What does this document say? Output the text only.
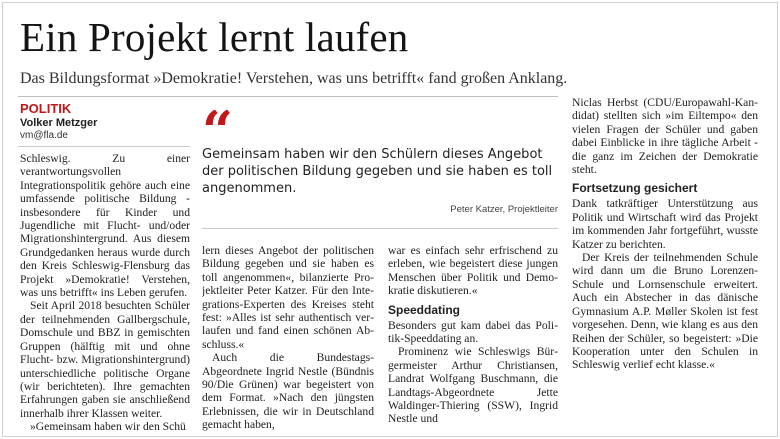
Ein Projekt lernt laufen
Das Bildungsformat »Demokratie! Verstehen, was uns betrifft« fand großen Anklang.
POLITIK
Volker Metzger
vm@fla.de

Schleswig. Zu einer verantwortungsvollen Integrationspolitik gehöre auch eine umfassende politische Bildung - insbesondere für Kinder und Jugendliche mit Flucht- und/oder Migrationshintergrund. Aus diesem Grundgedanken heraus wurde durch den Kreis Schleswig-Flensburg das Projekt »Demokratie! Verstehen, was uns betrifft« ins Leben gerufen.

Seit April 2018 besuchten Schüler der teilnehmenden Gallbergschule, Domschule und BBZ in gemischten Gruppen (hälftig mit und ohne Flucht- bzw. Migrationshintergrund) unterschiedliche politische Organe (wir berichteten). Ihre gemachten Erfahrungen gaben sie anschließend innerhalb ihrer Klassen weiter.

»Gemeinsam haben wir den Schü

“
Gemeinsam haben wir den Schülern dieses Angebot der politischen Bildung gegeben und sie haben es toll angenommen.
Peter Katzer, Projektleiter

lern dieses Angebot der politischen Bildung gegeben und sie haben es toll angenommen«, bilanzierte Projektleiter Peter Katzer. Für den Integrations-Experten des Kreises steht fest: »Alles ist sehr authentisch verlaufen und fand einen schönen Abschluss.«

Auch die Bundestags-Abgeordnete Ingrid Nestle (Bündnis 90/Die Grünen) war begeistert von dem Format. »Nach den jüngsten Erlebnissen, die wir in Deutschland gemacht haben,

war es einfach sehr erfrischend zu erleben, wie begeistert diese jungen Menschen über Politik und Demokratie diskutieren.«

Speeddating

Besonders gut kam dabei das Politik-Speeddating an.

Prominenz wie Schleswigs Bürgermeister Arthur Christiansen, Landrat Wolfgang Buschmann, die Landtags-Abgeordnete Jette Waldinger-Thiering (SSW), Ingrid Nestle und

Niclas Herbst (CDU/Europawahl-Kandidat) stellten sich »im Eiltempo« den vielen Fragen der Schüler und gaben dabei Einblicke in ihre tägliche Arbeit - die ganz im Zeichen der Demokratie steht.

Fortsetzung gesichert

Dank tatkräftiger Unterstützung aus Politik und Wirtschaft wird das Projekt im kommenden Jahr fortgeführt, wusste Katzer zu berichten.

Der Kreis der teilnehmenden Schule wird dann um die Bruno Lorenzen-Schule und Lornsenschule erweitert. Auch ein Abstecher in das dänische Gymnasium A.P. Møller Skolen ist fest vorgesehen. Denn, wie klang es aus den Reihen der Schüler, so begeistert: »Die Kooperation unter den Schulen in Schleswig verlief echt klasse.«
